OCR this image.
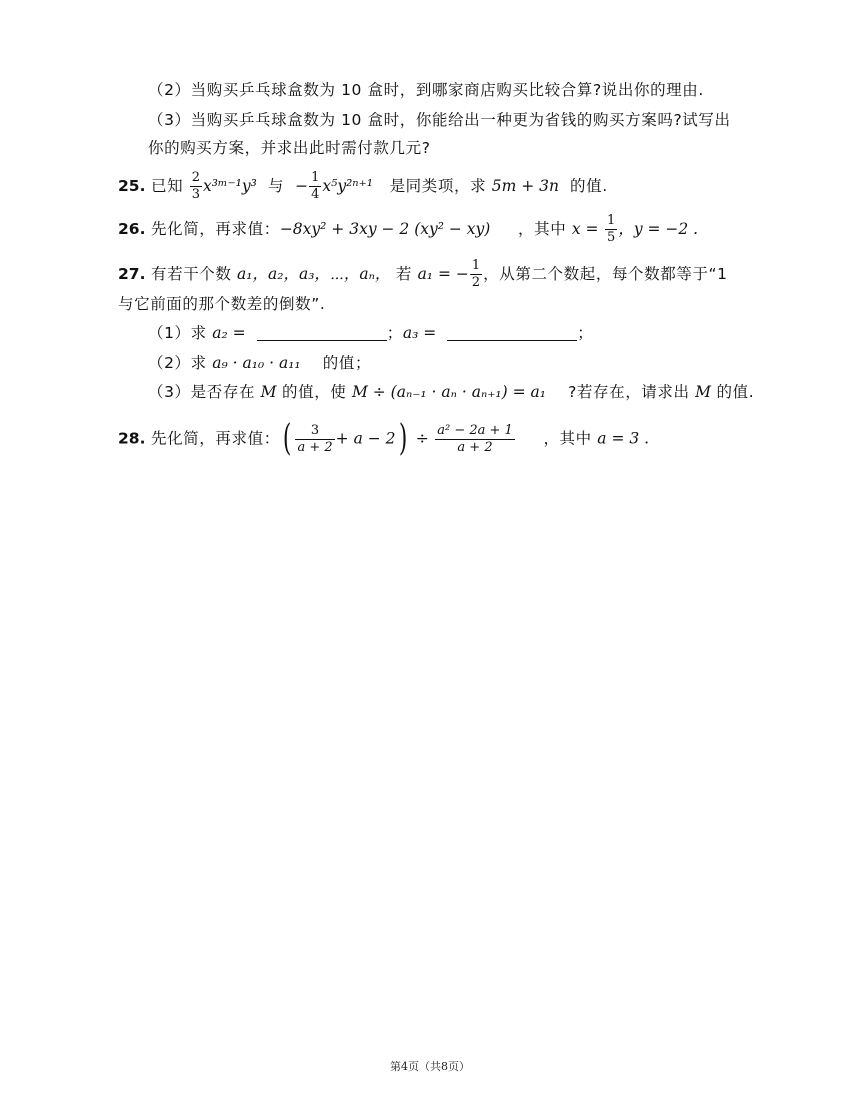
（2）当购买乒乓球盒数为 10 盒时，到哪家商店购买比较合算?说出你的理由.
（3）当购买乒乓球盒数为 10 盒时，你能给出一种更为省钱的购买方案吗?试写出
你的购买方案，并求出此时需付款几元?
25. 已知 $\frac{2}{3}$ x³ᵐ⁻¹y³ 与 − $\frac{1}{4} x^5y^{2n+1}$ 是同类项，求 5m + 3n 的值.
26. 先化简，再求值：−8xy² + 3xy − 2 (xy² − xy) ，其中 $x = \frac{1}{5}$ ，y = −2 .
27. 有若干个数 a₁，a₂，a₃，⋯，aₙ， 若 a₁ = − $\frac{1}{2}$ ，从第二个数起，每个数都等于“1
与它前面的那个数差的倒数”.
（1）求 a₂ =	；a₃ =	；
（2）求 a₉ · a₁₀ · a₁₁ 的值；
（3）是否存在 M 的值，使 M ÷ (aₙ₋₁ · aₙ · aₙ₊₁) = a₁ ?若存在，请求出 M 的值.
28. 先化简，再求值：( $\frac{3}{a + 2} + a - 2) \div \frac{\text{a² − 2a + 1}}{a + 2}$ ，其中 a = 3 .
第4页（共8页）
